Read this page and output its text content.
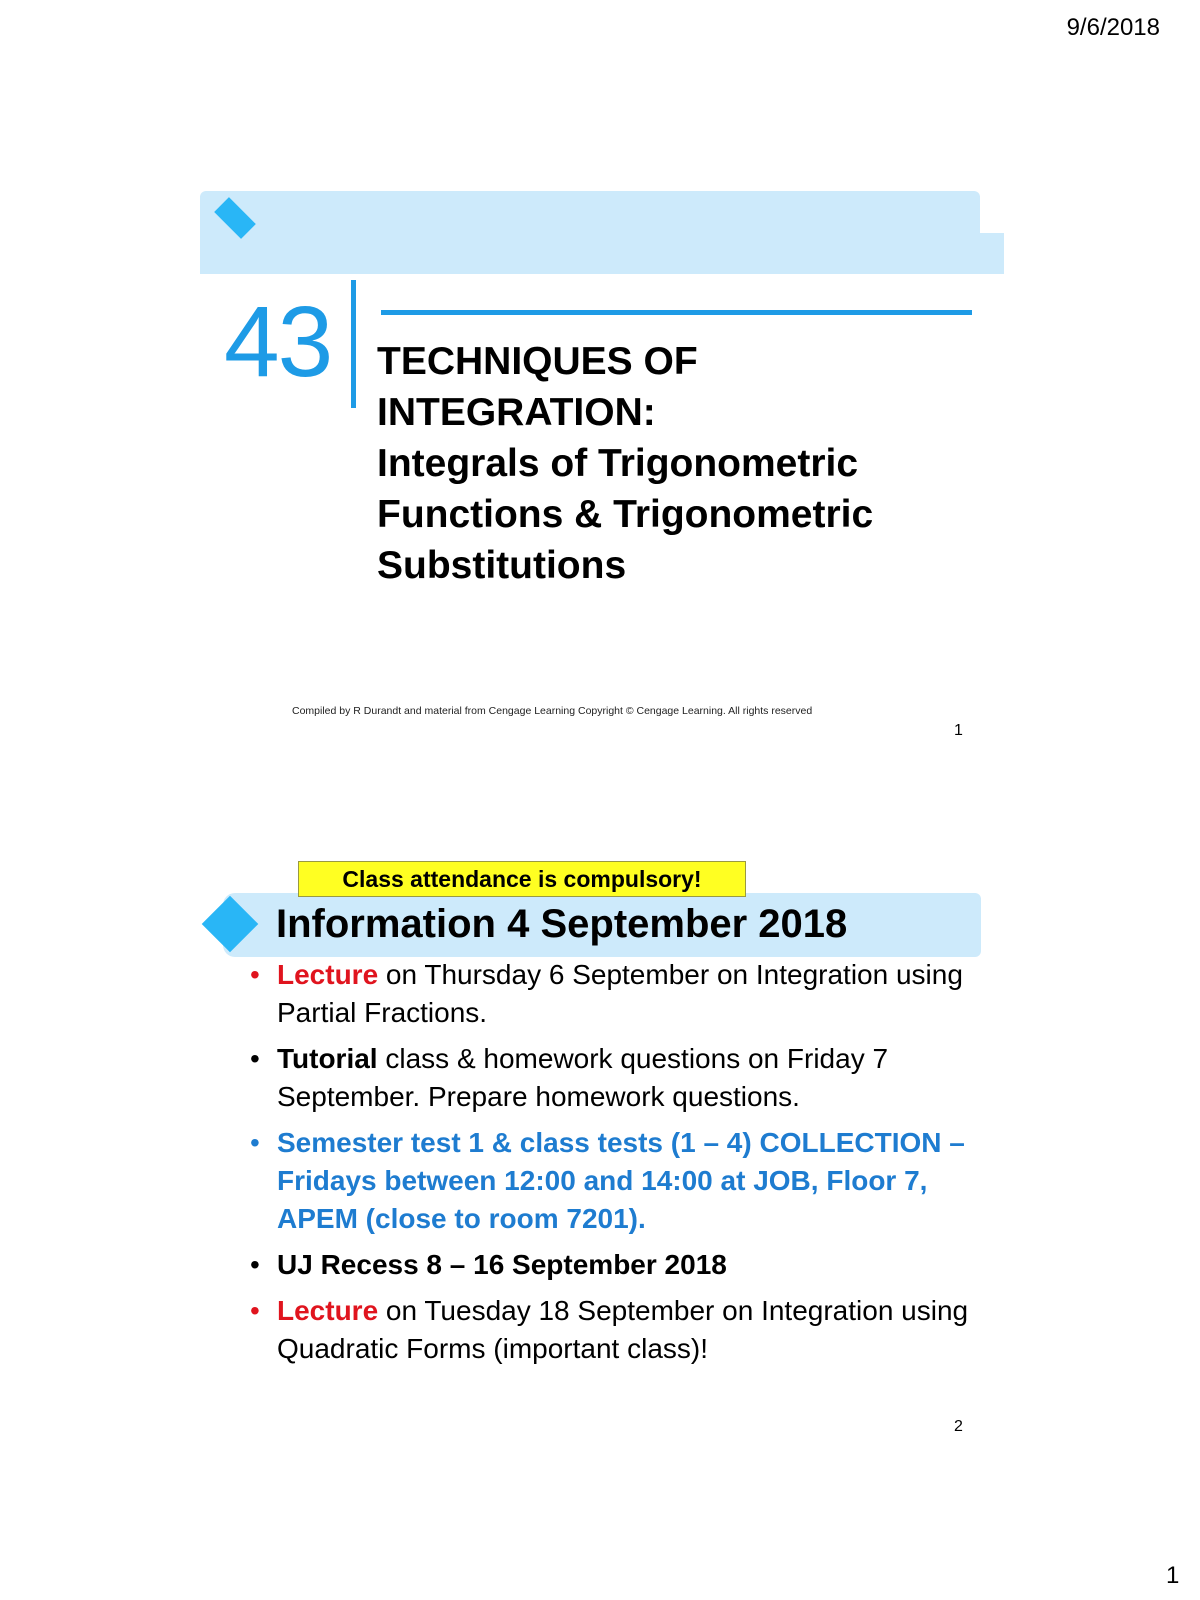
9/6/2018
43 TECHNIQUES OF
INTEGRATION:
Integrals of Trigonometric
Functions & Trigonometric
Substitutions
Compiled by R Durandt and material from Cengage Learning Copyright © Cengage Learning. All rights reserved
1
Class attendance is compulsory!
Information 4 September 2018
• Lecture on Thursday 6 September on Integration using Partial Fractions.
• Tutorial class & homework questions on Friday 7 September. Prepare homework questions.
• Semester test 1 & class tests (1 – 4) COLLECTION – Fridays between 12:00 and 14:00 at JOB, Floor 7, APEM (close to room 7201).
• UJ Recess 8 – 16 September 2018
• Lecture on Tuesday 18 September on Integration using Quadratic Forms (important class)!
2
1
